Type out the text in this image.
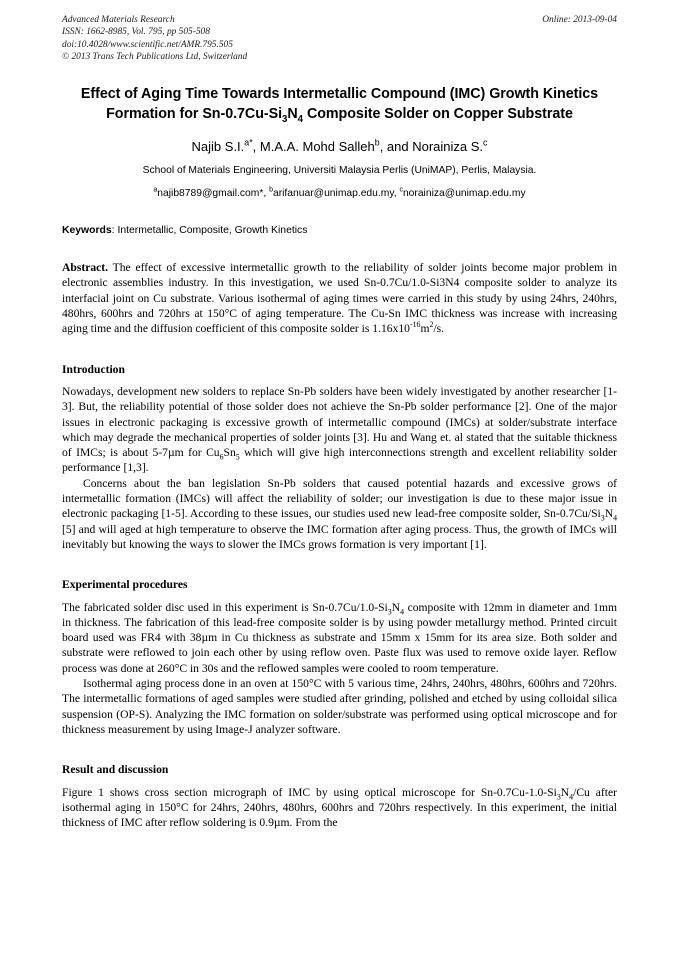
Online: 2013-09-04
Advanced Materials Research
ISSN: 1662-8985, Vol. 795, pp 505-508
doi:10.4028/www.scientific.net/AMR.795.505
© 2013 Trans Tech Publications Ltd, Switzerland
Effect of Aging Time Towards Intermetallic Compound (IMC) Growth Kinetics Formation for $Sn-0.7Cu-Si_3N_4$ Composite Solder on Copper Substrate
Najib S.I.$^{a*}$, M.A.A. Mohd Salleh$^b$, and Norainiza S.$^c$
School of Materials Engineering, Universiti Malaysia Perlis (UniMAP), Perlis, Malaysia.
$^a$najib8789@gmail.com*, $^b$arifanuar@unimap.edu.my, $^c$norainiza@unimap.edu.my
Keywords: Intermetallic, Composite, Growth Kinetics
Abstract. The effect of excessive intermetallic growth to the reliability of solder joints become major problem in electronic assemblies industry. In this investigation, we used Sn-0.7Cu/1.0-Si3N4 composite solder to analyze its interfacial joint on Cu substrate. Various isothermal of aging times were carried in this study by using 24hrs, 240hrs, 480hrs, 600hrs and 720hrs at 150°C of aging temperature. The Cu-Sn IMC thickness was increase with increasing aging time and the diffusion coefficient of this composite solder is $1.16x10^{-16}m^2/s$.
Introduction
Nowadays, development new solders to replace Sn-Pb solders have been widely investigated by another researcher [1-3]. But, the reliability potential of those solder does not achieve the Sn-Pb solder performance [2]. One of the major issues in electronic packaging is excessive growth of intermetallic compound (IMCs) at solder/substrate interface which may degrade the mechanical properties of solder joints [3]. Hu and Wang et. al stated that the suitable thickness of IMCs; is about 5-7µm for $Cu_6Sn_5$ which will give high interconnections strength and excellent reliability solder performance [1,3].
Concerns about the ban legislation Sn-Pb solders that caused potential hazards and excessive grows of intermetallic formation (IMCs) will affect the reliability of solder; our investigation is due to these major issue in electronic packaging [1-5]. According to these issues, our studies used new lead-free composite solder, $Sn-0.7Cu/Si_3N_4$ [5] and will aged at high temperature to observe the IMC formation after aging process. Thus, the growth of IMCs will inevitably but knowing the ways to slower the IMCs grows formation is very important [1].
Experimental procedures
The fabricated solder disc used in this experiment is $Sn-0.7Cu/1.0-Si_3N_4$ composite with 12mm in diameter and 1mm in thickness. The fabrication of this lead-free composite solder is by using powder metallurgy method. Printed circuit board used was FR4 with 38µm in Cu thickness as substrate and 15mm x 15mm for its area size. Both solder and substrate were reflowed to join each other by using reflow oven. Paste flux was used to remove oxide layer. Reflow process was done at 260°C in 30s and the reflowed samples were cooled to room temperature.
Isothermal aging process done in an oven at 150°C with 5 various time, 24hrs, 240hrs, 480hrs, 600hrs and 720hrs. The intermetallic formations of aged samples were studied after grinding, polished and etched by using colloidal silica suspension (OP-S). Analyzing the IMC formation on solder/substrate was performed using optical microscope and for thickness measurement by using Image-J analyzer software.
Result and discussion
Figure 1 shows cross section micrograph of IMC by using optical microscope for $Sn-0.7Cu-1.0-Si_3N_4/Cu$ after isothermal aging in 150°C for 24hrs, 240hrs, 480hrs, 600hrs and 720hrs respectively. In this experiment, the initial thickness of IMC after reflow soldering is 0.9µm. From the
